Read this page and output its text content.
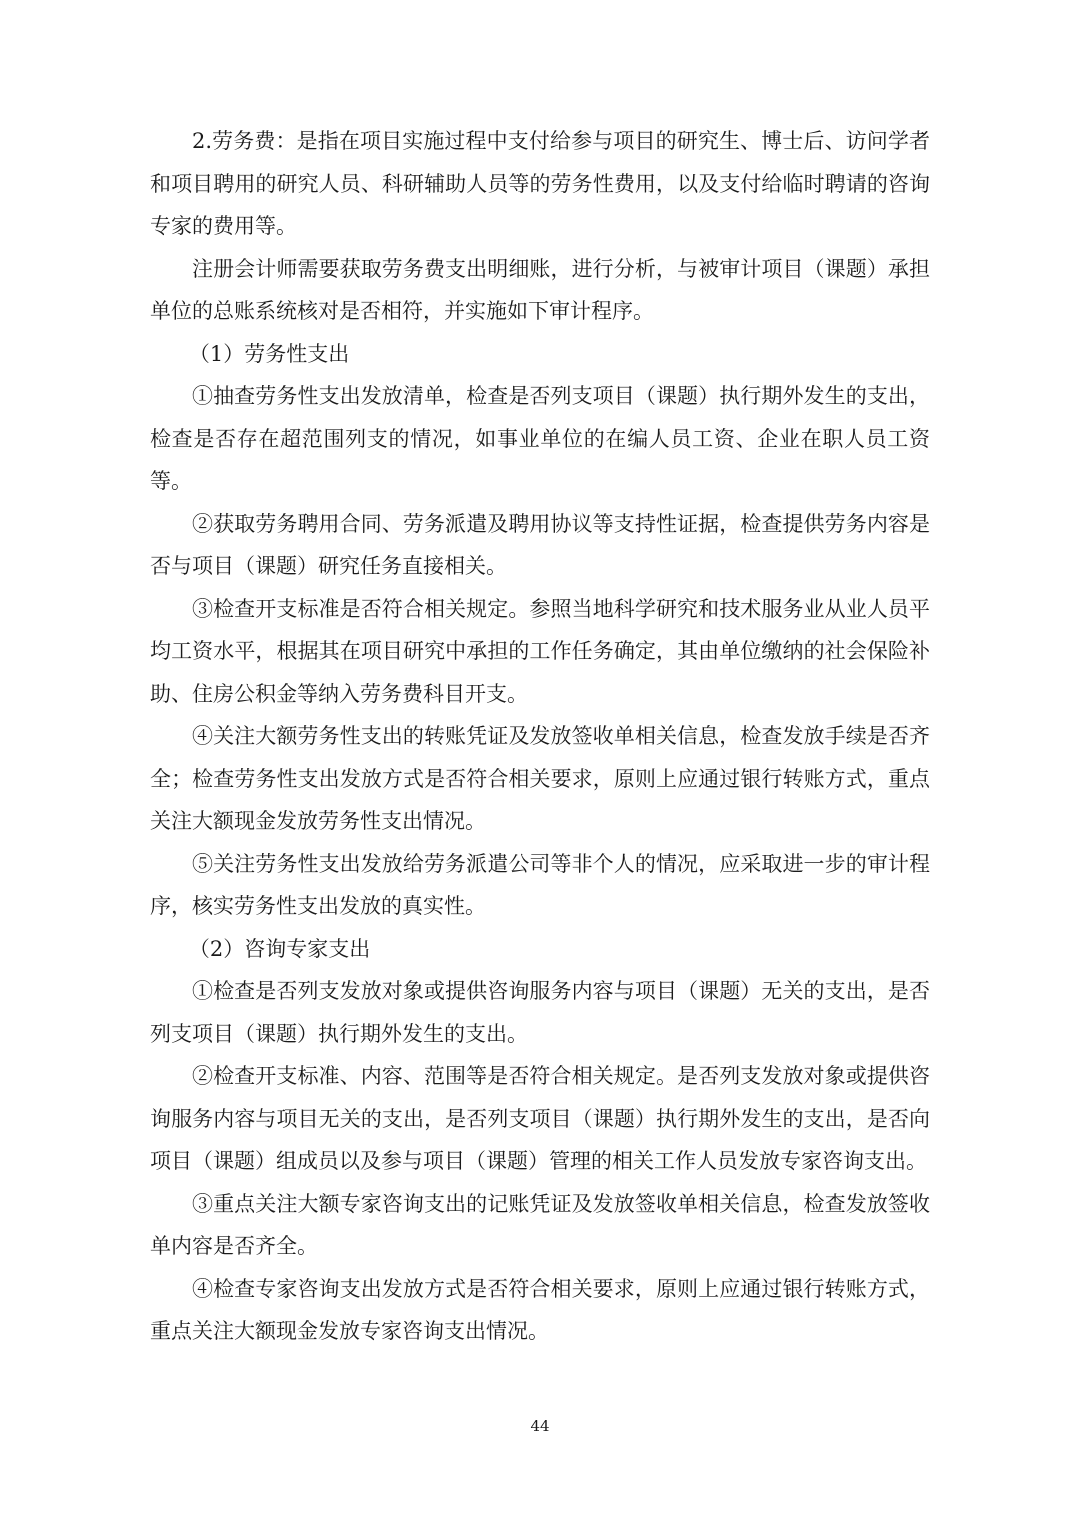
2.劳务费：是指在项目实施过程中支付给参与项目的研究生、博士后、访问学者和项目聘用的研究人员、科研辅助人员等的劳务性费用，以及支付给临时聘请的咨询专家的费用等。

注册会计师需要获取劳务费支出明细账，进行分析，与被审计项目（课题）承担单位的总账系统核对是否相符，并实施如下审计程序。

（1）劳务性支出

①抽查劳务性支出发放清单，检查是否列支项目（课题）执行期外发生的支出，检查是否存在超范围列支的情况，如事业单位的在编人员工资、企业在职人员工资等。

②获取劳务聘用合同、劳务派遣及聘用协议等支持性证据，检查提供劳务内容是否与项目（课题）研究任务直接相关。

③检查开支标准是否符合相关规定。参照当地科学研究和技术服务业从业人员平均工资水平，根据其在项目研究中承担的工作任务确定，其由单位缴纳的社会保险补助、住房公积金等纳入劳务费科目开支。

④关注大额劳务性支出的转账凭证及发放签收单相关信息，检查发放手续是否齐全；检查劳务性支出发放方式是否符合相关要求，原则上应通过银行转账方式，重点关注大额现金发放劳务性支出情况。

⑤关注劳务性支出发放给劳务派遣公司等非个人的情况，应采取进一步的审计程序，核实劳务性支出发放的真实性。

（2）咨询专家支出

①检查是否列支发放对象或提供咨询服务内容与项目（课题）无关的支出，是否列支项目（课题）执行期外发生的支出。

②检查开支标准、内容、范围等是否符合相关规定。是否列支发放对象或提供咨询服务内容与项目无关的支出，是否列支项目（课题）执行期外发生的支出，是否向项目（课题）组成员以及参与项目（课题）管理的相关工作人员发放专家咨询支出。

③重点关注大额专家咨询支出的记账凭证及发放签收单相关信息，检查发放签收单内容是否齐全。

④检查专家咨询支出发放方式是否符合相关要求，原则上应通过银行转账方式，重点关注大额现金发放专家咨询支出情况。

44
